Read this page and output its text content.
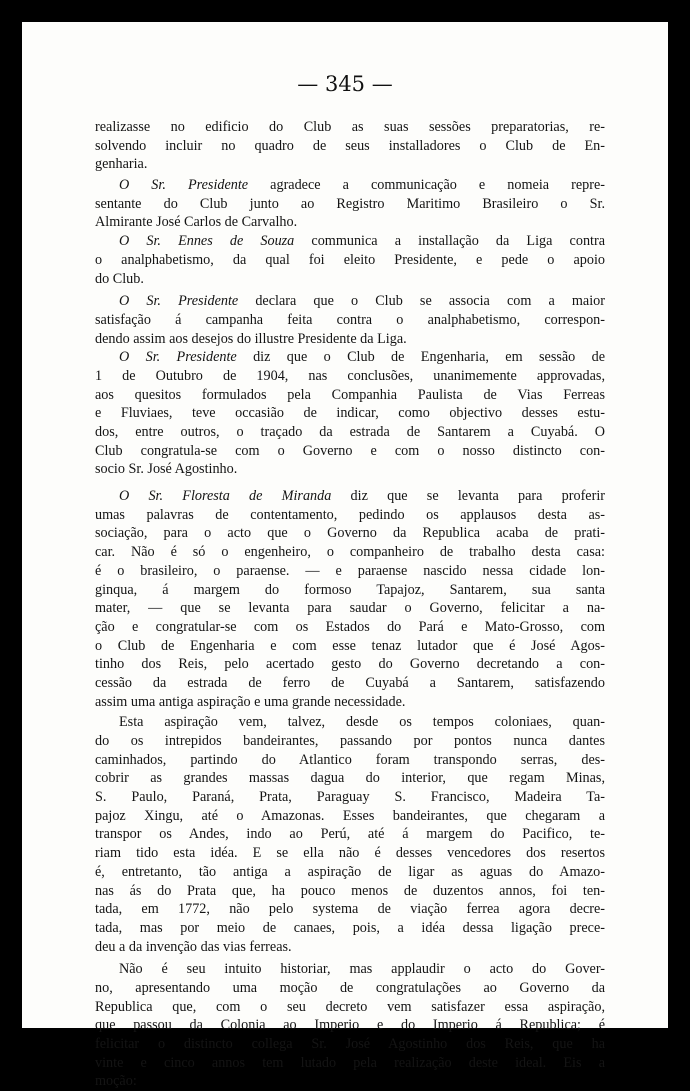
— 345 —
realizasse no edificio do Club as suas sessões preparatorias, re-
solvendo incluir no quadro de seus installadores o Club de En-
genharia.
O Sr. Presidente agradece a communicação e nomeia repre-
sentante do Club junto ao Registro Maritimo Brasileiro o Sr.
Almirante José Carlos de Carvalho.
O Sr. Ennes de Souza communica a installação da Liga contra
o analphabetismo, da qual foi eleito Presidente, e pede o apoio
do Club.
O Sr. Presidente declara que o Club se associa com a maior
satisfação á campanha feita contra o analphabetismo, correspon-
dendo assim aos desejos do illustre Presidente da Liga.
O Sr. Presidente diz que o Club de Engenharia, em sessão de
1 de Outubro de 1904, nas conclusões, unanimemente approvadas,
aos quesitos formulados pela Companhia Paulista de Vias Ferreas
e Fluviaes, teve occasião de indicar, como objectivo desses estu-
dos, entre outros, o traçado da estrada de Santarem a Cuyabá. O
Club congratula-se com o Governo e com o nosso distincto con-
socio Sr. José Agostinho.
O Sr. Floresta de Miranda diz que se levanta para proferir
umas palavras de contentamento, pedindo os applausos desta as-
sociação, para o acto que o Governo da Republica acaba de prati-
car. Não é só o engenheiro, o companheiro de trabalho desta casa:
é o brasileiro, o paraense. — e paraense nascido nessa cidade lon-
ginqua, á margem do formoso Tapajoz, Santarem, sua santa
mater, — que se levanta para saudar o Governo, felicitar a na-
ção e congratular-se com os Estados do Pará e Mato-Grosso, com
o Club de Engenharia e com esse tenaz lutador que é José Agos-
tinho dos Reis, pelo acertado gesto do Governo decretando a con-
cessão da estrada de ferro de Cuyabá a Santarem, satisfazendo
assim uma antiga aspiração e uma grande necessidade.
Esta aspiração vem, talvez, desde os tempos coloniaes, quan-
do os intrepidos bandeirantes, passando por pontos nunca dantes
caminhados, partindo do Atlantico foram transpondo serras, des-
cobrir as grandes massas dagua do interior, que regam Minas,
S. Paulo, Paraná, Prata, Paraguay S. Francisco, Madeira Ta-
pajoz Xingu, até o Amazonas. Esses bandeirantes, que chegaram a
transpor os Andes, indo ao Perú, até á margem do Pacifico, te-
riam tido esta idéa. E se ella não é desses vencedores dos resertos
é, entretanto, tão antiga a aspiração de ligar as aguas do Amazo-
nas ás do Prata que, ha pouco menos de duzentos annos, foi ten-
tada, em 1772, não pelo systema de viação ferrea agora decre-
tada, mas por meio de canaes, pois, a idéa dessa ligação prece-
deu a da invenção das vias ferreas.
Não é seu intuito historiar, mas applaudir o acto do Gover-
no, apresentando uma moção de congratulações ao Governo da
Republica que, com o seu decreto vem satisfazer essa aspiração,
que passou da Colonia ao Imperio e do Imperio á Republica; é
felicitar o distincto collega Sr. José Agostinho dos Reis, que ha
vinte e cinco annos tem lutado pela realização deste ideal. Eis a
moção:
